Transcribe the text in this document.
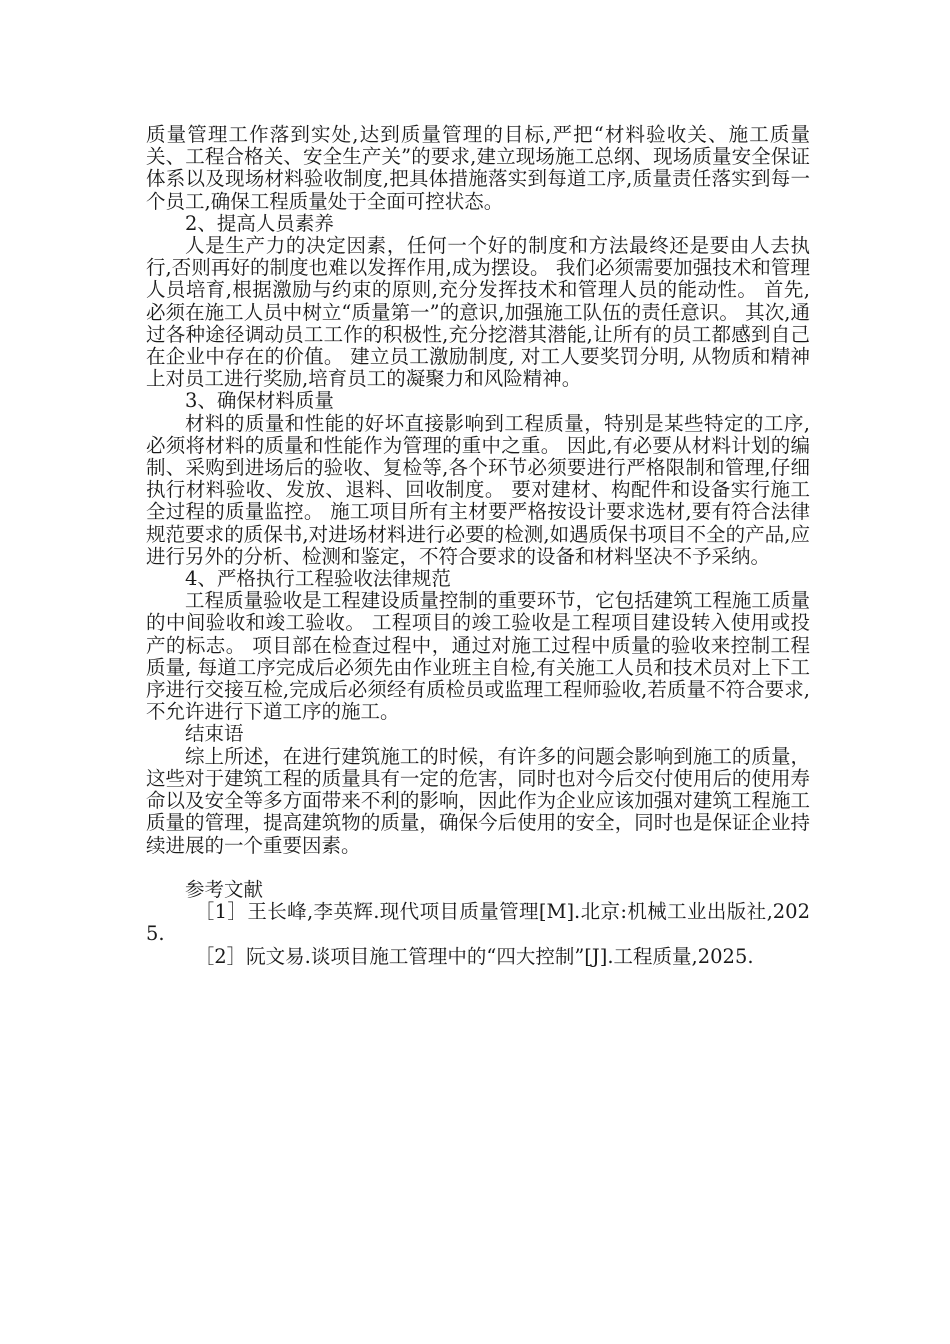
质量管理工作落到实处,达到质量管理的目标,严把“材料验收关、施工质量关、工程合格关、安全生产关”的要求,建立现场施工总纲、现场质量安全保证体系以及现场材料验收制度,把具体措施落实到每道工序,质量责任落实到每一个员工,确保工程质量处于全面可控状态。

2、提高人员素养

人是生产力的决定因素，任何一个好的制度和方法最终还是要由人去执行,否则再好的制度也难以发挥作用,成为摆设。 我们必须需要加强技术和管理人员培育,根据激励与约束的原则,充分发挥技术和管理人员的能动性。 首先,必须在施工人员中树立“质量第一”的意识,加强施工队伍的责任意识。 其次,通过各种途径调动员工工作的积极性,充分挖潜其潜能,让所有的员工都感到自己在企业中存在的价值。 建立员工激励制度, 对工人要奖罚分明, 从物质和精神上对员工进行奖励,培育员工的凝聚力和风险精神。

3、确保材料质量

材料的质量和性能的好坏直接影响到工程质量，特别是某些特定的工序,必须将材料的质量和性能作为管理的重中之重。 因此,有必要从材料计划的编制、采购到进场后的验收、复检等,各个环节必须要进行严格限制和管理,仔细执行材料验收、发放、退料、回收制度。 要对建材、构配件和设备实行施工全过程的质量监控。 施工项目所有主材要严格按设计要求选材,要有符合法律规范要求的质保书,对进场材料进行必要的检测,如遇质保书项目不全的产品,应进行另外的分析、检测和鉴定，不符合要求的设备和材料坚决不予采纳。

4、严格执行工程验收法律规范

工程质量验收是工程建设质量控制的重要环节，它包括建筑工程施工质量的中间验收和竣工验收。 工程项目的竣工验收是工程项目建设转入使用或投产的标志。 项目部在检查过程中，通过对施工过程中质量的验收来控制工程质量, 每道工序完成后必须先由作业班主自检,有关施工人员和技术员对上下工序进行交接互检,完成后必须经有质检员或监理工程师验收,若质量不符合要求,不允许进行下道工序的施工。

结束语

综上所述，在进行建筑施工的时候，有许多的问题会影响到施工的质量，这些对于建筑工程的质量具有一定的危害，同时也对今后交付使用后的使用寿命以及安全等多方面带来不利的影响，因此作为企业应该加强对建筑工程施工质量的管理，提高建筑物的质量，确保今后使用的安全，同时也是保证企业持续进展的一个重要因素。

参考文献

［1］王长峰,李英辉.现代项目质量管理[M].北京:机械工业出版社,2025.

［2］阮文易.谈项目施工管理中的“四大控制”[J].工程质量,2025.
